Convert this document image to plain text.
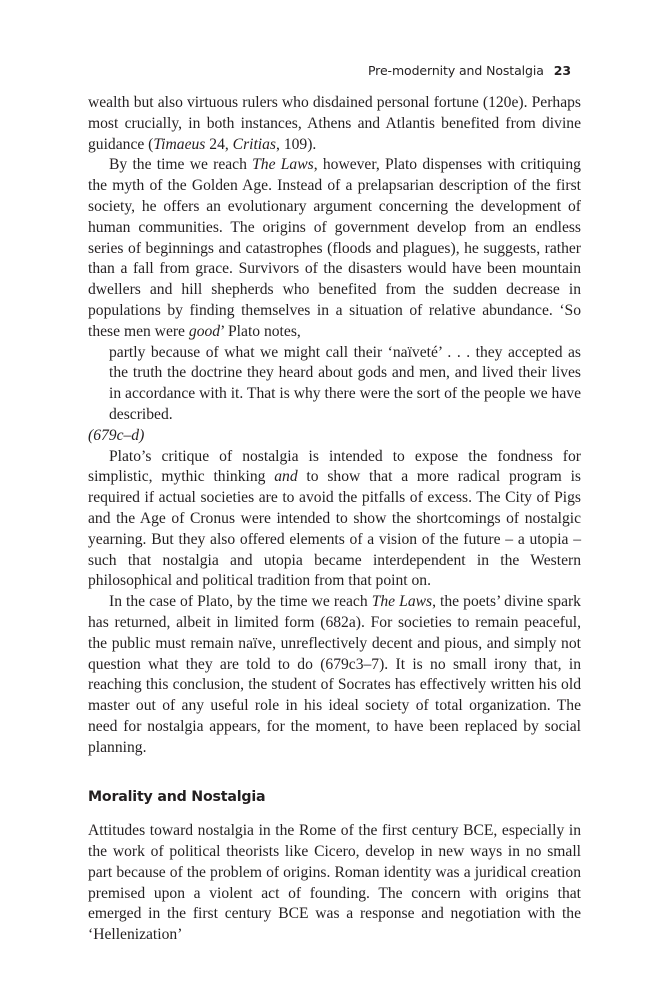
Pre-modernity and Nostalgia 23

wealth but also virtuous rulers who disdained personal fortune (120e). Perhaps most crucially, in both instances, Athens and Atlantis benefited from divine guidance (Timaeus 24, Critias, 109).

By the time we reach The Laws, however, Plato dispenses with critiquing the myth of the Golden Age. Instead of a prelapsarian description of the first society, he offers an evolutionary argument concerning the development of human communities. The origins of government develop from an endless series of beginnings and catastrophes (floods and plagues), he suggests, rather than a fall from grace. Survivors of the disasters would have been mountain dwellers and hill shepherds who benefited from the sudden decrease in populations by finding themselves in a situation of relative abundance. ‘So these men were good’ Plato notes,

partly because of what we might call their ‘naïveté’ . . . they accepted as the truth the doctrine they heard about gods and men, and lived their lives in accordance with it. That is why there were the sort of the people we have described.

(679c–d)

Plato’s critique of nostalgia is intended to expose the fondness for simplistic, mythic thinking and to show that a more radical program is required if actual societies are to avoid the pitfalls of excess. The City of Pigs and the Age of Cronus were intended to show the shortcomings of nostalgic yearning. But they also offered elements of a vision of the future – a utopia – such that nostalgia and utopia became interdependent in the Western philosophical and political tradition from that point on.

In the case of Plato, by the time we reach The Laws, the poets’ divine spark has returned, albeit in limited form (682a). For societies to remain peaceful, the public must remain naïve, unreflectively decent and pious, and simply not question what they are told to do (679c3–7). It is no small irony that, in reaching this conclusion, the student of Socrates has effectively written his old master out of any useful role in his ideal society of total organization. The need for nostalgia appears, for the moment, to have been replaced by social planning.

Morality and Nostalgia

Attitudes toward nostalgia in the Rome of the first century BCE, especially in the work of political theorists like Cicero, develop in new ways in no small part because of the problem of origins. Roman identity was a juridical creation premised upon a violent act of founding. The concern with origins that emerged in the first century BCE was a response and negotiation with the ‘Hellenization’
